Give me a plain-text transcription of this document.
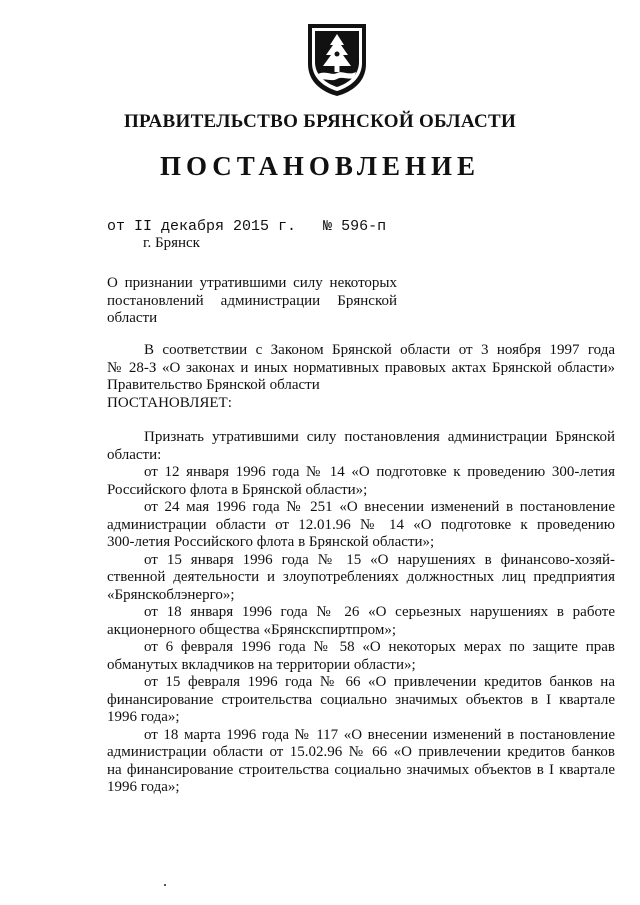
ПРАВИТЕЛЬСТВО БРЯНСКОЙ ОБЛАСТИ
ПОСТАНОВЛЕНИЕ
от II декабря 2015 г. № 596-п
г. Брянск
О признании утратившими силу некоторых
постановлений администрации Брянской
области
В соответствии с Законом Брянской области от 3 ноября 1997 года
№ 28-З «О законах и иных нормативных правовых актах Брянской области»
Правительство Брянской области
ПОСТАНОВЛЯЕТ:
Признать утратившими силу постановления администрации Брянской
области:
от 12 января 1996 года № 14 «О подготовке к проведению 300-летия
Российского флота в Брянской области»;
от 24 мая 1996 года № 251 «О внесении изменений в постановление
администрации области от 12.01.96 № 14 «О подготовке к проведению
300-летия Российского флота в Брянской области»;
от 15 января 1996 года № 15 «О нарушениях в финансово-хозяй-
ственной деятельности и злоупотреблениях должностных лиц предприятия
«Брянскоблэнерго»;
от 18 января 1996 года № 26 «О серьезных нарушениях в работе
акционерного общества «Брянскспиртпром»;
от 6 февраля 1996 года № 58 «О некоторых мерах по защите прав
обманутых вкладчиков на территории области»;
от 15 февраля 1996 года № 66 «О привлечении кредитов банков на
финансирование строительства социально значимых объектов в I квартале
1996 года»;
от 18 марта 1996 года № 117 «О внесении изменений в постановление
администрации области от 15.02.96 № 66 «О привлечении кредитов банков
на финансирование строительства социально значимых объектов в I квартале
1996 года»;
